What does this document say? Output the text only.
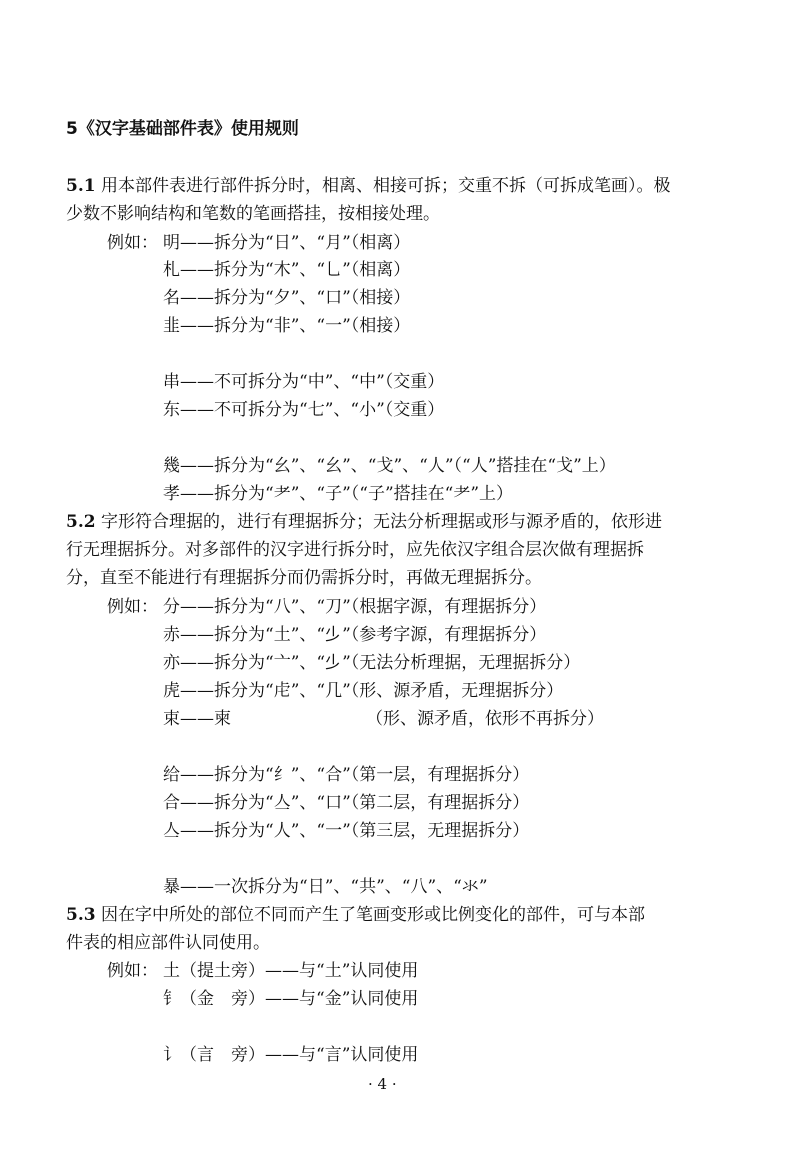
5《汉字基础部件表》使用规则
5.1 用本部件表进行部件拆分时，相离、相接可拆；交重不拆（可拆成笔画）。极
少数不影响结构和笔数的笔画搭挂，按相接处理。
例如： 明——拆分为“日”、“月”（相离）
札——拆分为“木”、“乚”（相离）
名——拆分为“夕”、“口”（相接）
韭——拆分为“非”、“一”（相接）
串——不可拆分为“中”、“中”（交重）
东——不可拆分为“七”、“小”（交重）
幾——拆分为“幺”、“幺”、“戈”、“人”（“人”搭挂在“戈”上）
孝——拆分为“耂”、“子”（“子”搭挂在“耂”上）
5.2 字形符合理据的，进行有理据拆分；无法分析理据或形与源矛盾的，依形进
行无理据拆分。对多部件的汉字进行拆分时，应先依汉字组合层次做有理据拆
分，直至不能进行有理据拆分而仍需拆分时，再做无理据拆分。
例如： 分——拆分为“八”、“刀”（根据字源，有理据拆分）
赤——拆分为“土”、“𣥂”（参考字源，有理据拆分）
亦——拆分为“亠”、“𣥂”（无法分析理据，无理据拆分）
虎——拆分为“虍”、“几”（形、源矛盾，无理据拆分）
束——柬	（形、源矛盾，依形不再拆分）
给——拆分为“纟”、“合”（第一层，有理据拆分）
合——拆分为“亼”、“口”（第二层，有理据拆分）
亼——拆分为“人”、“一”（第三层，无理据拆分）
暴——一次拆分为“日”、“共”、“八”、“氺”
5.3 因在字中所处的部位不同而产生了笔画变形或比例变化的部件，可与本部
件表的相应部件认同使用。
例如： 土（提土旁）——与“土”认同使用
钅（金　旁）——与“金”认同使用
讠（言　旁）——与“言”认同使用
· 4 ·
